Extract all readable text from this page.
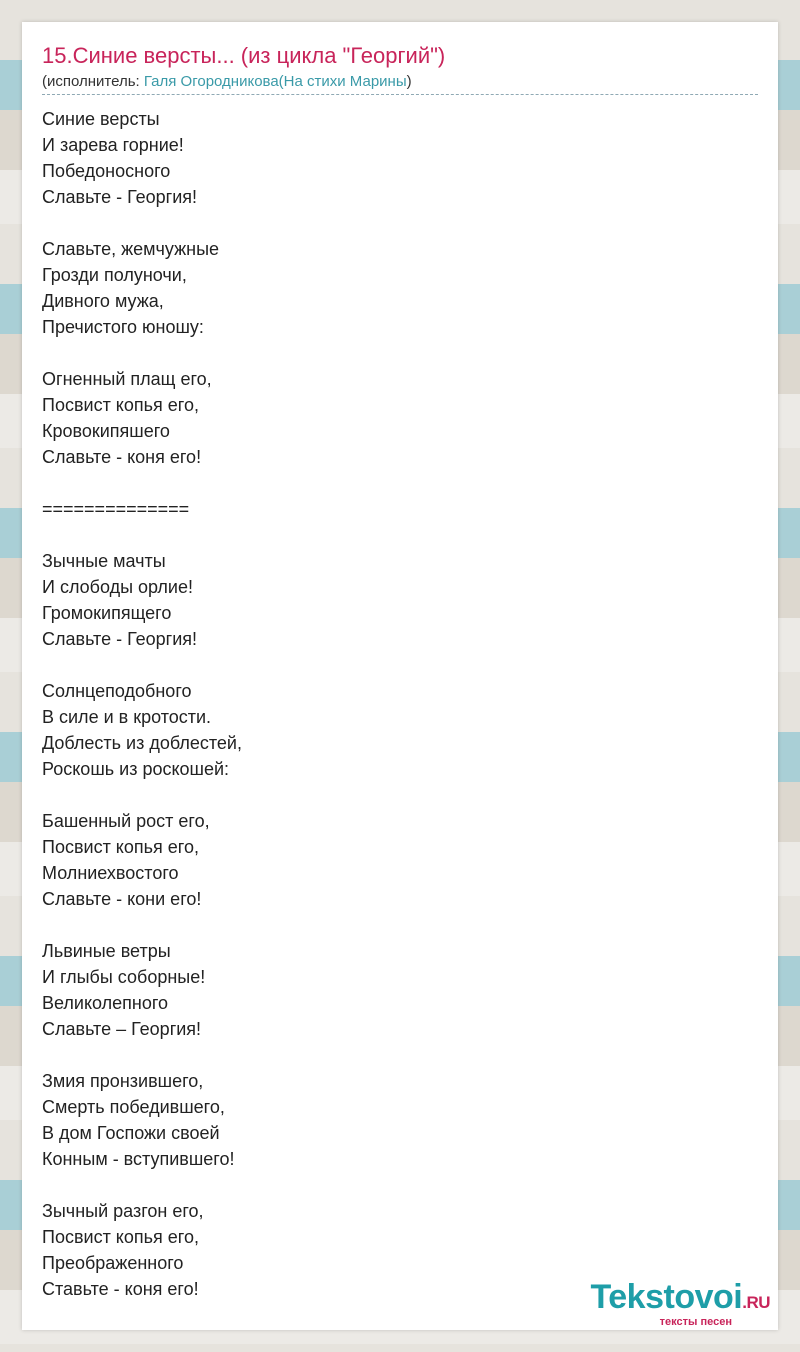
15.Синие версты... (из цикла "Георгий")
(исполнитель: Галя Огородникова(На стихи Марины)
Синие версты
И зарева горние!
Победоносного
Славьте - Георгия!
Славьте, жемчужные
Грозди полуночи,
Дивного мужа,
Пречистого юношу:
Огненный плащ его,
Посвист копья его,
Кровокипяшего
Славьте - коня его!
==============
Зычные мачты
И слободы орлие!
Громокипящего
Славьте - Георгия!
Солнцеподобного
В силе и в кротости.
Доблесть из доблестей,
Роскошь из роскошей:
Башенный рост его,
Посвист копья его,
Молниехвостого
Славьте - кони его!
Львиные ветры
И глыбы соборные!
Великолепного
Славьте – Георгия!
Змия пронзившего,
Смерть победившего,
В дом Госпожи своей
Конным - вступившего!
Зычный разгон его,
Посвист копья его,
Преображенного
Ставьте - коня его!	Tekstovoi.RU
тексты песен
